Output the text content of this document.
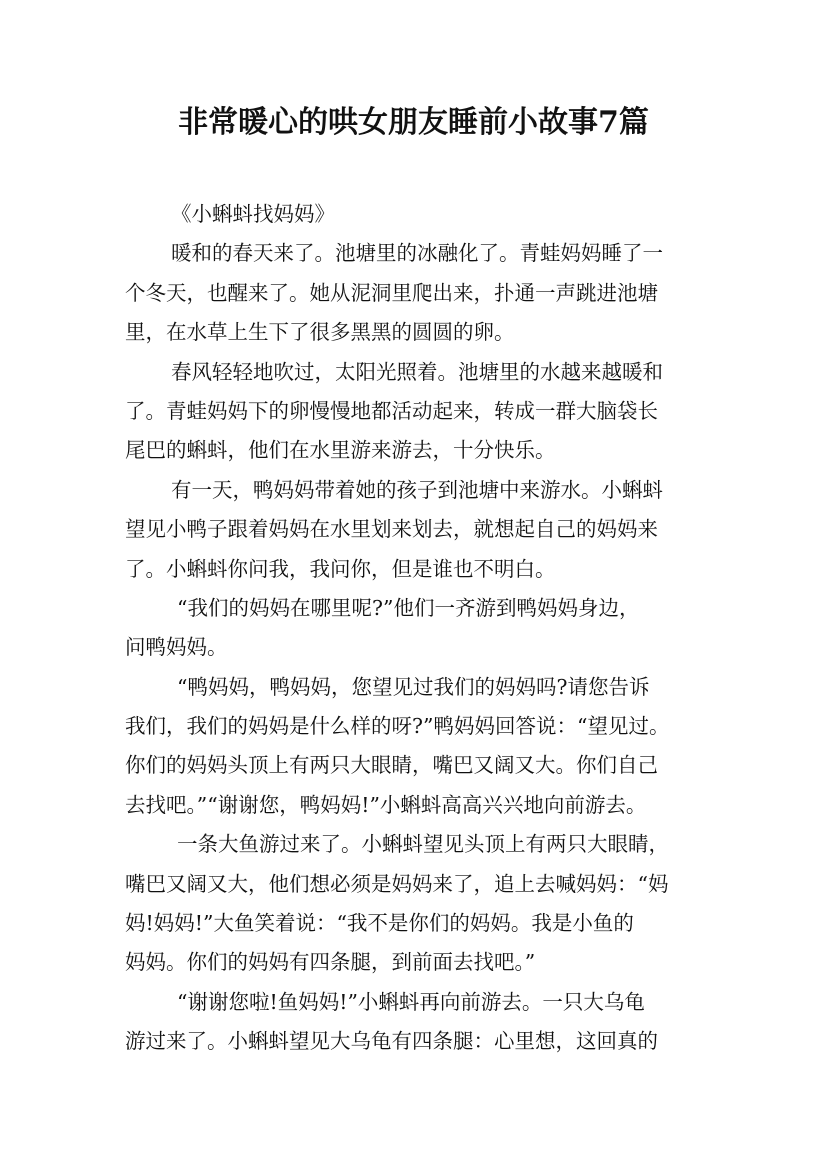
非常暖心的哄女朋友睡前小故事7篇

《小蝌蚪找妈妈》

暖和的春天来了。池塘里的冰融化了。青蛙妈妈睡了一

个冬天，也醒来了。她从泥洞里爬出来，扑通一声跳进池塘

里，在水草上生下了很多黑黑的圆圆的卵。

春风轻轻地吹过，太阳光照着。池塘里的水越来越暖和

了。青蛙妈妈下的卵慢慢地都活动起来，转成一群大脑袋长

尾巴的蝌蚪，他们在水里游来游去，十分快乐。

有一天，鸭妈妈带着她的孩子到池塘中来游水。小蝌蚪

望见小鸭子跟着妈妈在水里划来划去，就想起自己的妈妈来

了。小蝌蚪你问我，我问你，但是谁也不明白。

“我们的妈妈在哪里呢?”他们一齐游到鸭妈妈身边，

问鸭妈妈。

“鸭妈妈，鸭妈妈，您望见过我们的妈妈吗?请您告诉

我们，我们的妈妈是什么样的呀?”鸭妈妈回答说：“望见过。

你们的妈妈头顶上有两只大眼睛，嘴巴又阔又大。你们自己

去找吧。”“谢谢您，鸭妈妈!”小蝌蚪高高兴兴地向前游去。

一条大鱼游过来了。小蝌蚪望见头顶上有两只大眼睛，

嘴巴又阔又大，他们想必须是妈妈来了，追上去喊妈妈：“妈

妈!妈妈!”大鱼笑着说：“我不是你们的妈妈。我是小鱼的

妈妈。你们的妈妈有四条腿，到前面去找吧。”

“谢谢您啦!鱼妈妈!”小蝌蚪再向前游去。一只大乌龟

游过来了。小蝌蚪望见大乌龟有四条腿：心里想，这回真的
